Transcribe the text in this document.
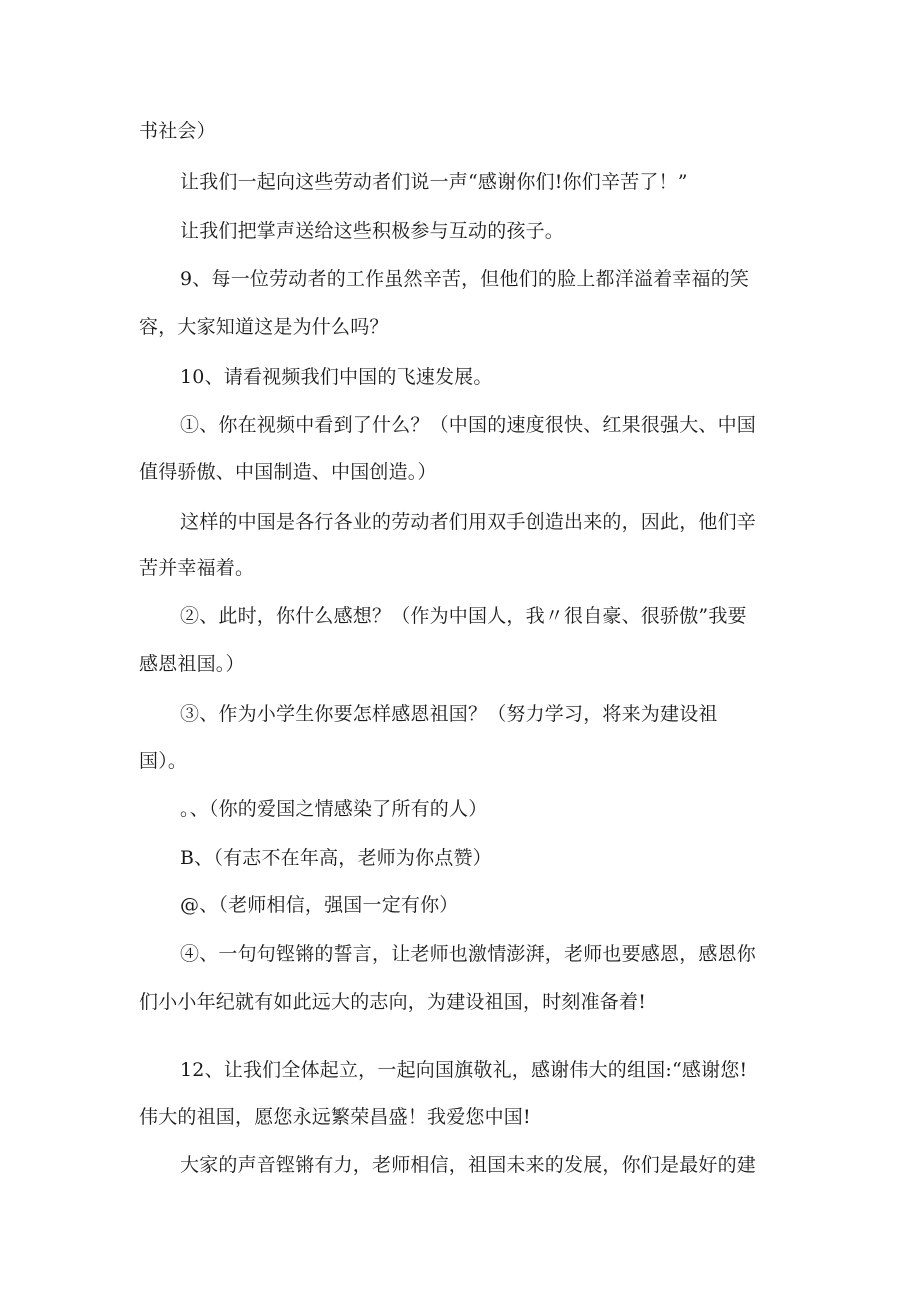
书社会）
让我们一起向这些劳动者们说一声“感谢你们!你们辛苦了！”
让我们把掌声送给这些积极参与互动的孩子。
9、每一位劳动者的工作虽然辛苦，但他们的脸上都洋溢着幸福的笑
容，大家知道这是为什么吗？
10、请看视频我们中国的飞速发展。
①、你在视频中看到了什么？（中国的速度很快、红果很强大、中国
值得骄傲、中国制造、中国创造。）
这样的中国是各行各业的劳动者们用双手创造出来的，因此，他们辛
苦并幸福着。
②、此时，你什么感想？（作为中国人，我〃很自豪、很骄傲”我要
感恩祖国。）
③、作为小学生你要怎样感恩祖国？（努力学习，将来为建设祖
国）。
。、（你的爱国之情感染了所有的人）
B、（有志不在年高，老师为你点赞）
@、（老师相信，强国一定有你）
④、一句句铿锵的誓言，让老师也激情澎湃，老师也要感恩，感恩你
们小小年纪就有如此远大的志向，为建设祖国，时刻准备着!
12、让我们全体起立，一起向国旗敬礼，感谢伟大的组国:“感谢您!
伟大的祖国，愿您永远繁荣昌盛！我爱您中国!
大家的声音铿锵有力，老师相信，祖国未来的发展，你们是最好的建
